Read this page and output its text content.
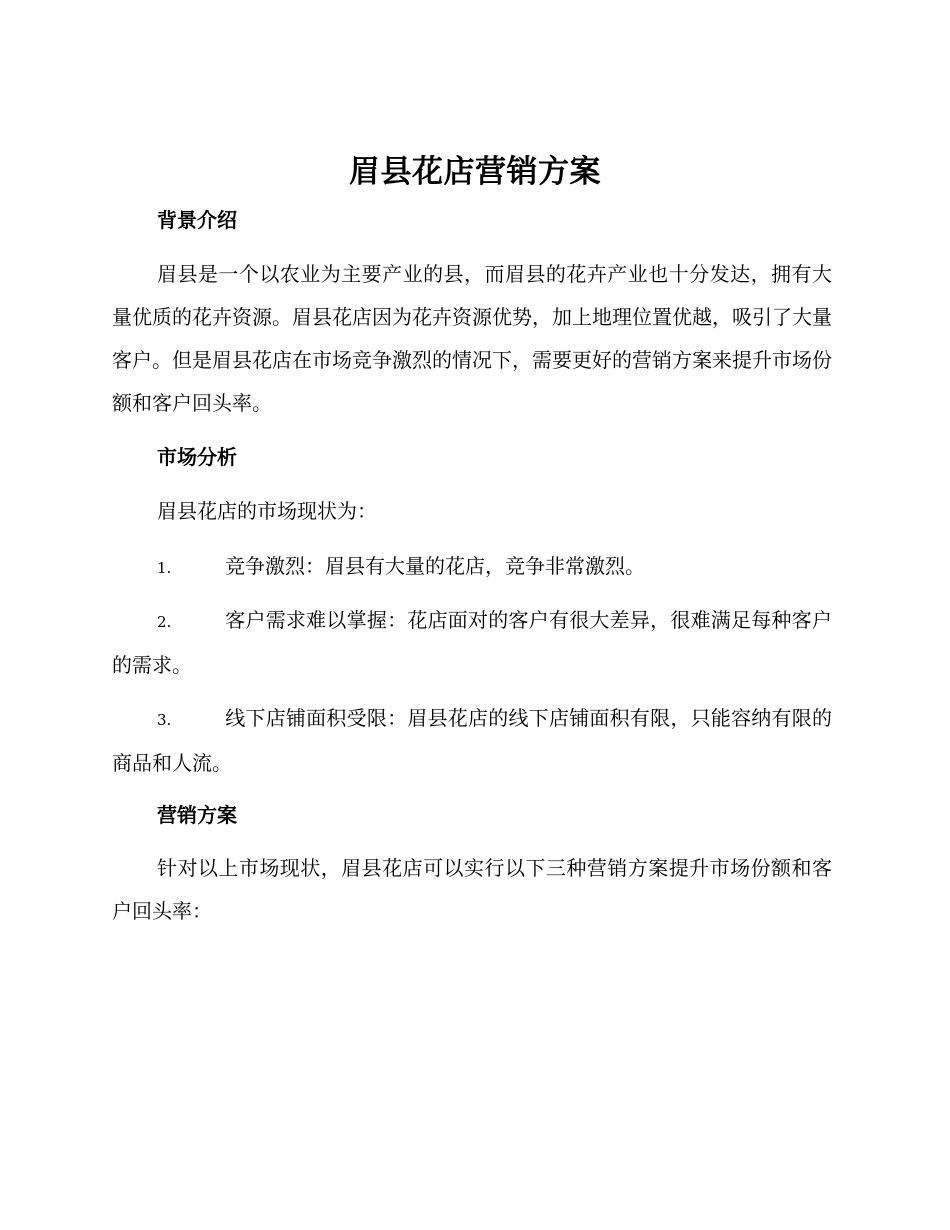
眉县花店营销方案
背景介绍

眉县是一个以农业为主要产业的县，而眉县的花卉产业也十分发达，拥有大量优质的花卉资源。眉县花店因为花卉资源优势，加上地理位置优越，吸引了大量客户。但是眉县花店在市场竞争激烈的情况下，需要更好的营销方案来提升市场份额和客户回头率。

市场分析

眉县花店的市场现状为：

1.	竞争激烈：眉县有大量的花店，竞争非常激烈。

2.	客户需求难以掌握：花店面对的客户有很大差异，很难满足每种客户的需求。

3.	线下店铺面积受限：眉县花店的线下店铺面积有限，只能容纳有限的商品和人流。

营销方案

针对以上市场现状，眉县花店可以实行以下三种营销方案提升市场份额和客户回头率：
